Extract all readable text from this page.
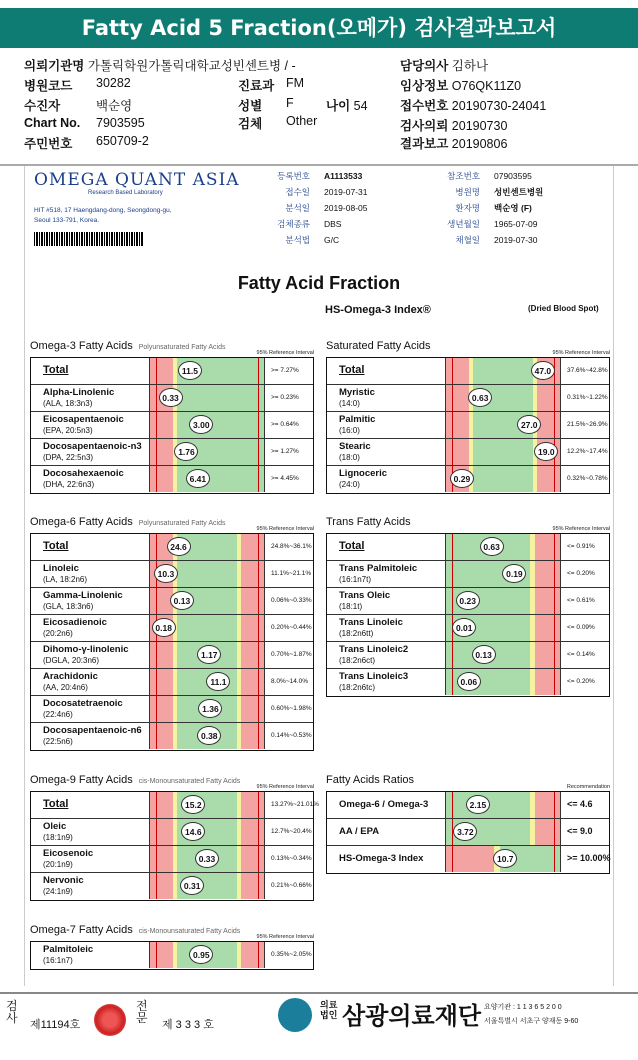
Fatty Acid 5 Fraction(오메가) 검사결과보고서
의뢰기관명 가톨릭학원가톨릭대학교성빈센트병 / -	담당의사 김하나
병원코드 30282	진료과 FM	임상정보 O76QK11Z0
수진자	백순영	성별 F	나이 54	접수번호 20190730-24041
Chart No. 7903595	검체 Other	검사의뢰 20190730
주민번호 650709-2	결과보고 20190806
OMEGA QUANT ASIA
Research Based Laboratory
HIT #518, 17 Haengdang-dong, Seongdong-gu,
Seoul 133-791, Korea.
등록번호 A1113533	참조번호 07903595
접수일 2019-07-31	병원명 성빈센트병원
분석일 2019-08-05	환자명 백순영 (F)
검체종류 DBS	생년월일 1965-07-09
분석법 G/C	채혈일 2019-07-30
Fatty Acid Fraction
HS-Omega-3 Index®	(Dried Blood Spot)
Omega-3 Fatty Acids Polyunsaturated Fatty Acids
95% Reference Interval
Total	11.5	>= 7.27%
Alpha-Linolenic
(ALA, 18:3n3)
0.33	>= 0.23%
Eicosapentaenoic
(EPA, 20:5n3)
3.00	>= 0.64%
Docosapentaenoic-n3
(DPA, 22:5n3)
1.76	>= 1.27%
Docosahexaenoic
(DHA, 22:6n3)
6.41	>= 4.45%
Saturated Fatty Acids
95% Reference Interval
Total	47.0	37.6%~42.8%
Myristic
(14:0)
0.63	0.31%~1.22%
Palmitic
(16:0)
27.0	21.5%~26.9%
Stearic
(18:0)
19.0	12.2%~17.4%
Lignoceric
(24:0)
0.29	0.32%~0.78%
Omega-6 Fatty Acids Polyunsaturated Fatty Acids
95% Reference Interval
Total	24.6	24.8%~36.1%
Linoleic
(LA, 18:2n6)
10.3	11.1%~21.1%
Gamma-Linolenic
(GLA, 18:3n6)
0.13	0.06%~0.33%
Eicosadienoic
(20:2n6)
0.18	0.20%~0.44%
Dihomo-γ-linolenic
(DGLA, 20:3n6)
1.17	0.70%~1.87%
Arachidonic
(AA, 20:4n6)
11.1	8.0%~14.0%
Docosatetraenoic
(22:4n6)
1.36	0.60%~1.98%
Docosapentaenoic-n6
(22:5n6)
0.38	0.14%~0.53%
Trans Fatty Acids
95% Reference Interval
Total	0.63	<= 0.91%
Trans Palmitoleic
(16:1n7t)
0.19	<= 0.20%
Trans Oleic
(18:1t)
0.23	<= 0.61%
Trans Linoleic
(18:2n6tt)
0.01	<= 0.09%
Trans Linoleic2
(18:2n6ct)
0.13	<= 0.14%
Trans Linoleic3
(18:2n6tc)
0.06	<= 0.20%
Omega-9 Fatty Acids cis-Monounsaturated Fatty Acids
95% Reference Interval
Total	15.2	13.27%~21.01%
Oleic
(18:1n9)
14.6	12.7%~20.4%
Eicosenoic
(20:1n9)
0.33	0.13%~0.34%
Nervonic
(24:1n9)
0.31	0.21%~0.66%
Fatty Acids Ratios
Recommendation
Omega-6 / Omega-3	2.15	<= 4.6
AA / EPA	3.72	<= 9.0
HS-Omega-3 Index	10.7	>= 10.00%
Omega-7 Fatty Acids cis-Monounsaturated Fatty Acids
95% Reference Interval
Palmitoleic
(16:1n7)
0.95	0.35%~2.05%
검
사 제11194호
전
문 제 3 3 3 호
의료
법인
요양기관 : 1 1 3 6 5 2 0 0
서울특별시 서초구 양재동 9-60
삼광의료재단
